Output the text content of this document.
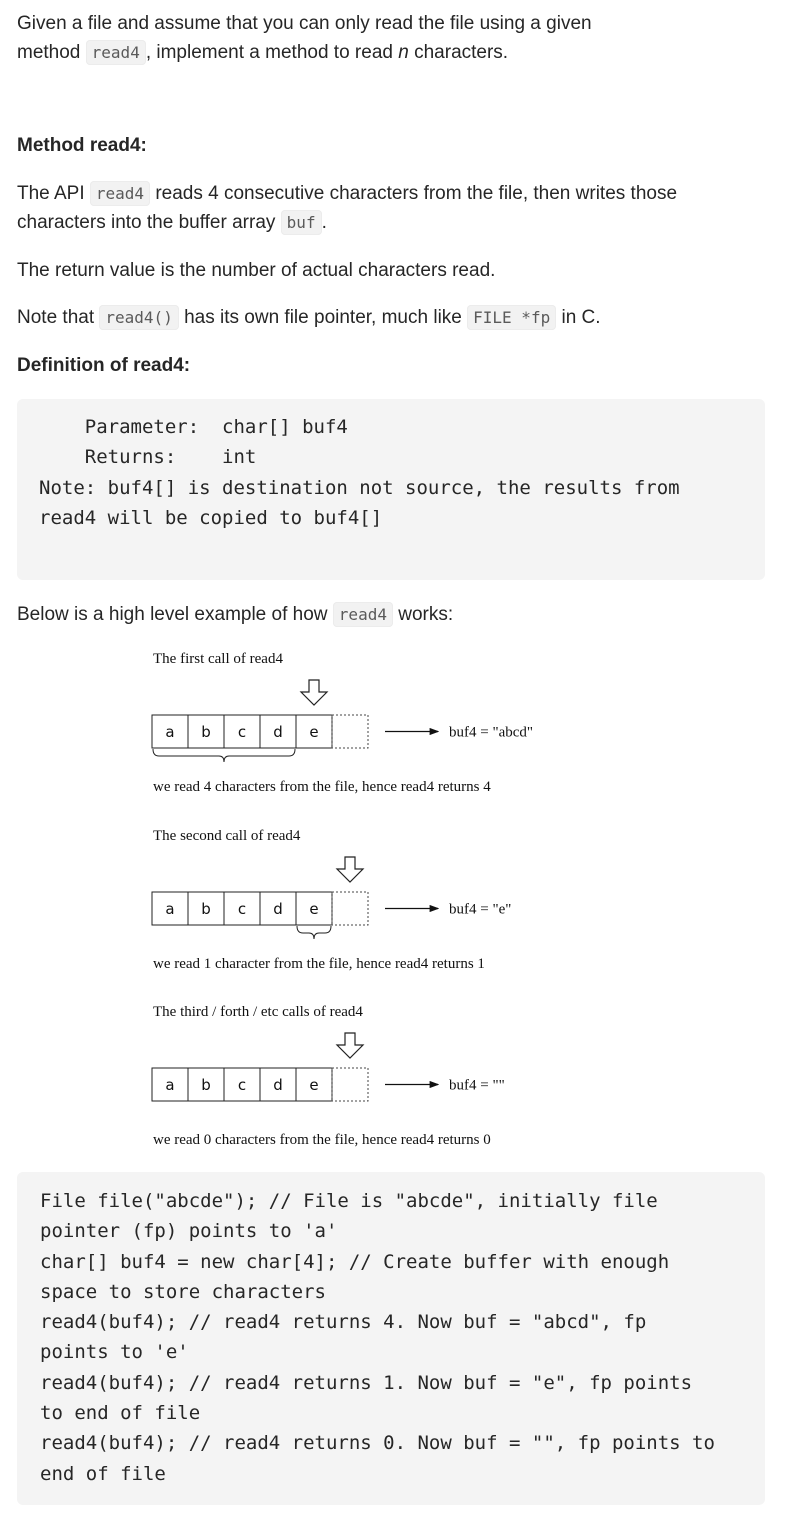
Given a file and assume that you can only read the file using a given
method read4 , implement a method to read n characters.

Method read4:

The API read4 reads 4 consecutive characters from the file, then writes those
characters into the buffer array buf .

The return value is the number of actual characters read.

Note that read4() has its own file pointer, much like FILE *fp in C.

Definition of read4:

Parameter:  char[] buf4
Returns:    int
Note: buf4[] is destination not source, the results from
read4 will be copied to buf4[]

Below is a high level example of how read4 works:

The first call of read4
a b c d e	buf4 = "abcd"
we read 4 characters from the file, hence read4 returns 4
The second call of read4
a b c d e	buf4 = "e"
we read 1 character from the file, hence read4 returns 1
The third / forth / etc calls of read4
a b c d e	buf4 = ""
we read 0 characters from the file, hence read4 returns 0
File file("abcde"); // File is "abcde", initially file
pointer (fp) points to 'a'
char[] buf4 = new char[4]; // Create buffer with enough
space to store characters
read4(buf4); // read4 returns 4. Now buf = "abcd", fp
points to 'e'
read4(buf4); // read4 returns 1. Now buf = "e", fp points
to end of file
read4(buf4); // read4 returns 0. Now buf = "", fp points to
end of file
